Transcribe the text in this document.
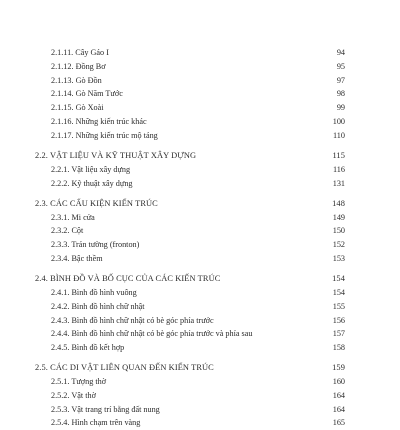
2.1.11. Cây Gáo I	94
2.1.12. Đồng Bơ	95
2.1.13. Gò Đồn	97
2.1.14. Gò Năm Tước	98
2.1.15. Gò Xoài	99
2.1.16. Những kiến trúc khác	100
2.1.17. Những kiến trúc mộ táng	110
2.2. VẬT LIỆU VÀ KỸ THUẬT XÂY DỰNG	115
2.2.1. Vật liệu xây dựng	116
2.2.2. Kỹ thuật xây dựng	131
2.3. CÁC CẤU KIỆN KIẾN TRÚC	148
2.3.1. Mi cửa	149
2.3.2. Cột	150
2.3.3. Trán tường (fronton)	152
2.3.4. Bậc thềm	153
2.4. BÌNH ĐỒ VÀ BỐ CỤC CỦA CÁC KIẾN TRÚC	154
2.4.1. Bình đồ hình vuông	154
2.4.2. Bình đồ hình chữ nhật	155
2.4.3. Bình đồ hình chữ nhật có bè góc phía trước	156
2.4.4. Bình đồ hình chữ nhật có bè góc phía trước và phía sau	157
2.4.5. Bình đồ kết hợp	158
2.5. CÁC DI VẬT LIÊN QUAN ĐẾN KIẾN TRÚC	159
2.5.1. Tượng thờ	160
2.5.2. Vật thờ	164
2.5.3. Vật trang trí bằng đất nung	164
2.5.4. Hình chạm trên vàng	165
